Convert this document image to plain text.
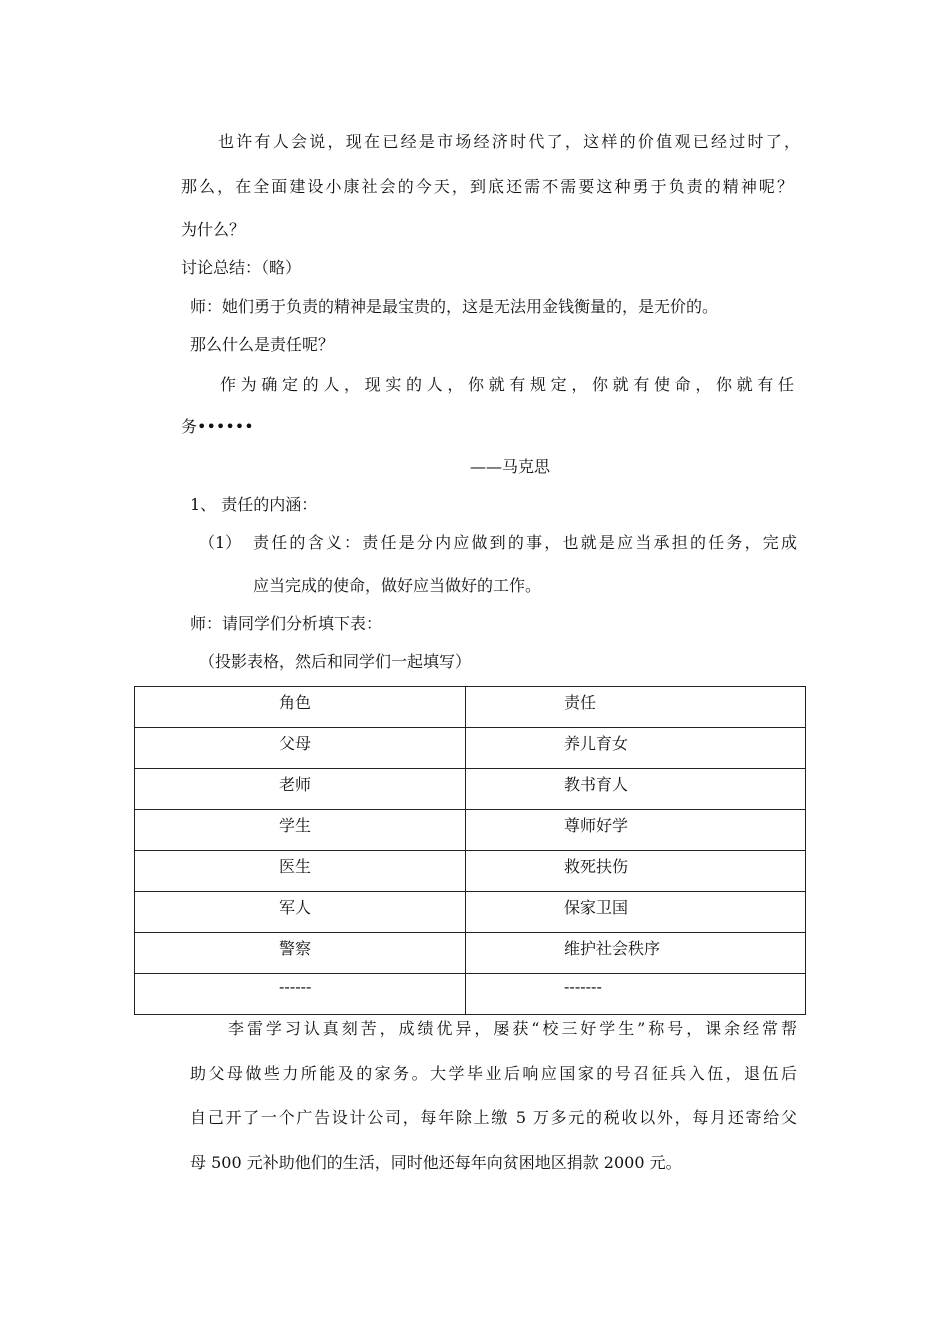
也许有人会说，现在已经是市场经济时代了，这样的价值观已经过时了，
那么，在全面建设小康社会的今天，到底还需不需要这种勇于负责的精神呢？
为什么？
讨论总结：（略）
师：她们勇于负责的精神是最宝贵的，这是无法用金钱衡量的，是无价的。
那么什么是责任呢？
作为确定的人，现实的人，你就有规定，你就有使命，你就有任
务••••••
——马克思
1、 责任的内涵：
（1） 责任的含义：责任是分内应做到的事，也就是应当承担的任务，完成
应当完成的使命，做好应当做好的工作。
师：请同学们分析填下表：
（投影表格，然后和同学们一起填写）
角色	责任

父母	养儿育女

老师	教书育人

学生	尊师好学

医生	救死扶伤

军人	保家卫国

警察	维护社会秩序

------	-------
李雷学习认真刻苦，成绩优异，屡获“校三好学生”称号，课余经常帮
助父母做些力所能及的家务。大学毕业后响应国家的号召征兵入伍，退伍后
自己开了一个广告设计公司，每年除上缴 5 万多元的税收以外，每月还寄给父
母 500 元补助他们的生活，同时他还每年向贫困地区捐款 2000 元。
